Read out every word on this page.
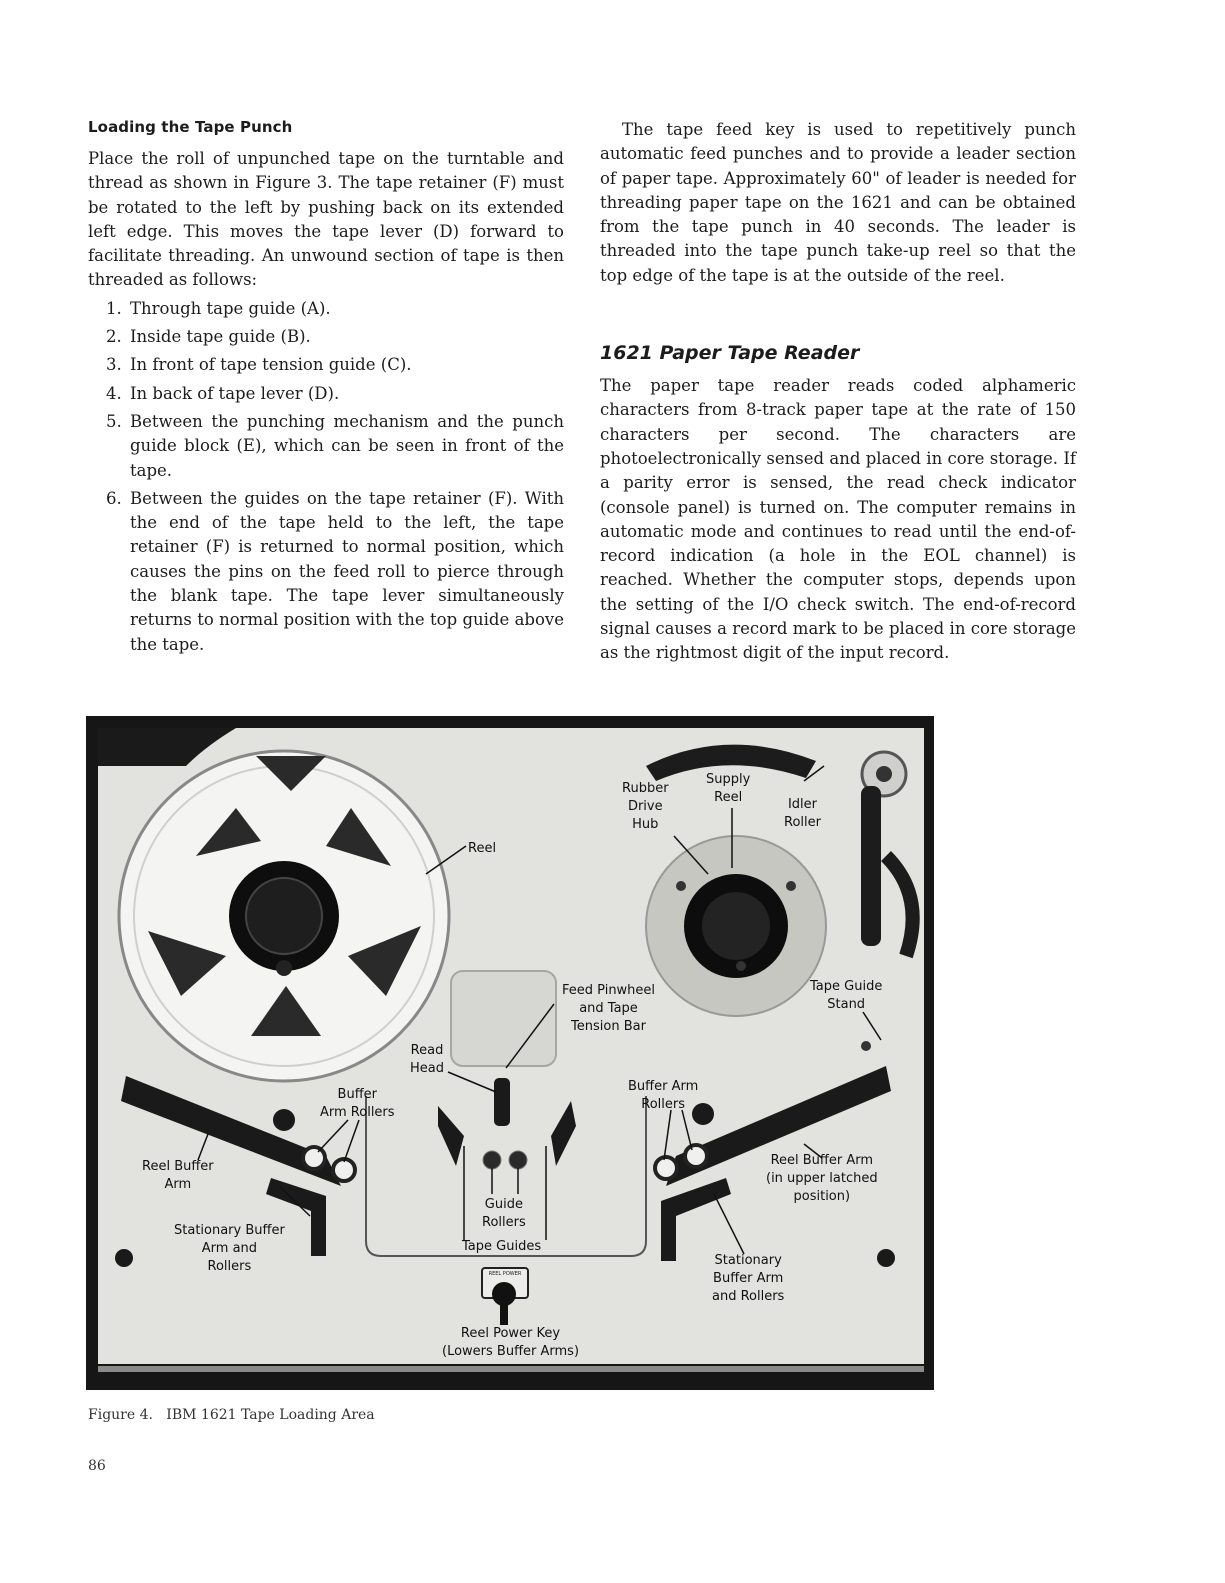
Loading the Tape Punch

Place the roll of unpunched tape on the turntable and thread as shown in Figure 3. The tape retainer (F) must be rotated to the left by pushing back on its extended left edge. This moves the tape lever (D) forward to facilitate threading. An unwound section of tape is then threaded as follows:

1. Through tape guide (A).
2. Inside tape guide (B).
3. In front of tape tension guide (C).
4. In back of tape lever (D).
5. Between the punching mechanism and the punch guide block (E), which can be seen in front of the tape.
6. Between the guides on the tape retainer (F). With the end of the tape held to the left, the tape retainer (F) is returned to normal position, which causes the pins on the feed roll to pierce through the blank tape. The tape lever simultaneously returns to normal position with the top guide above the tape.

The tape feed key is used to repetitively punch automatic feed punches and to provide a leader section of paper tape. Approximately 60" of leader is needed for threading paper tape on the 1621 and can be obtained from the tape punch in 40 seconds. The leader is threaded into the tape punch take-up reel so that the top edge of the tape is at the outside of the reel.

1621 Paper Tape Reader

The paper tape reader reads coded alphameric characters from 8-track paper tape at the rate of 150 characters per second. The characters are photoelectronically sensed and placed in core storage. If a parity error is sensed, the read check indicator (console panel) is turned on. The computer remains in automatic mode and continues to read until the end-of-record indication (a hole in the EOL channel) is reached. Whether the computer stops, depends upon the setting of the I/O check switch. The end-of-record signal causes a record mark to be placed in core storage as the rightmost digit of the input record.

REEL POWER
Reel
Rubber
Drive
Hub
Supply
Reel	Idler
Roller
Feed Pinwheel
and Tape
Tension Bar
Tape Guide
Stand
Read
Head
Buffer
Arm Rollers
Buffer Arm
Rollers
Reel Buffer
Arm
Reel Buffer Arm
(in upper latched
position)
Stationary Buffer
Arm and
Rollers	Stationary
Buffer Arm
and Rollers
Guide
Rollers
Tape Guides
Reel Power Key
(Lowers Buffer Arms)
Figure 4.   IBM 1621 Tape Loading Area
86
